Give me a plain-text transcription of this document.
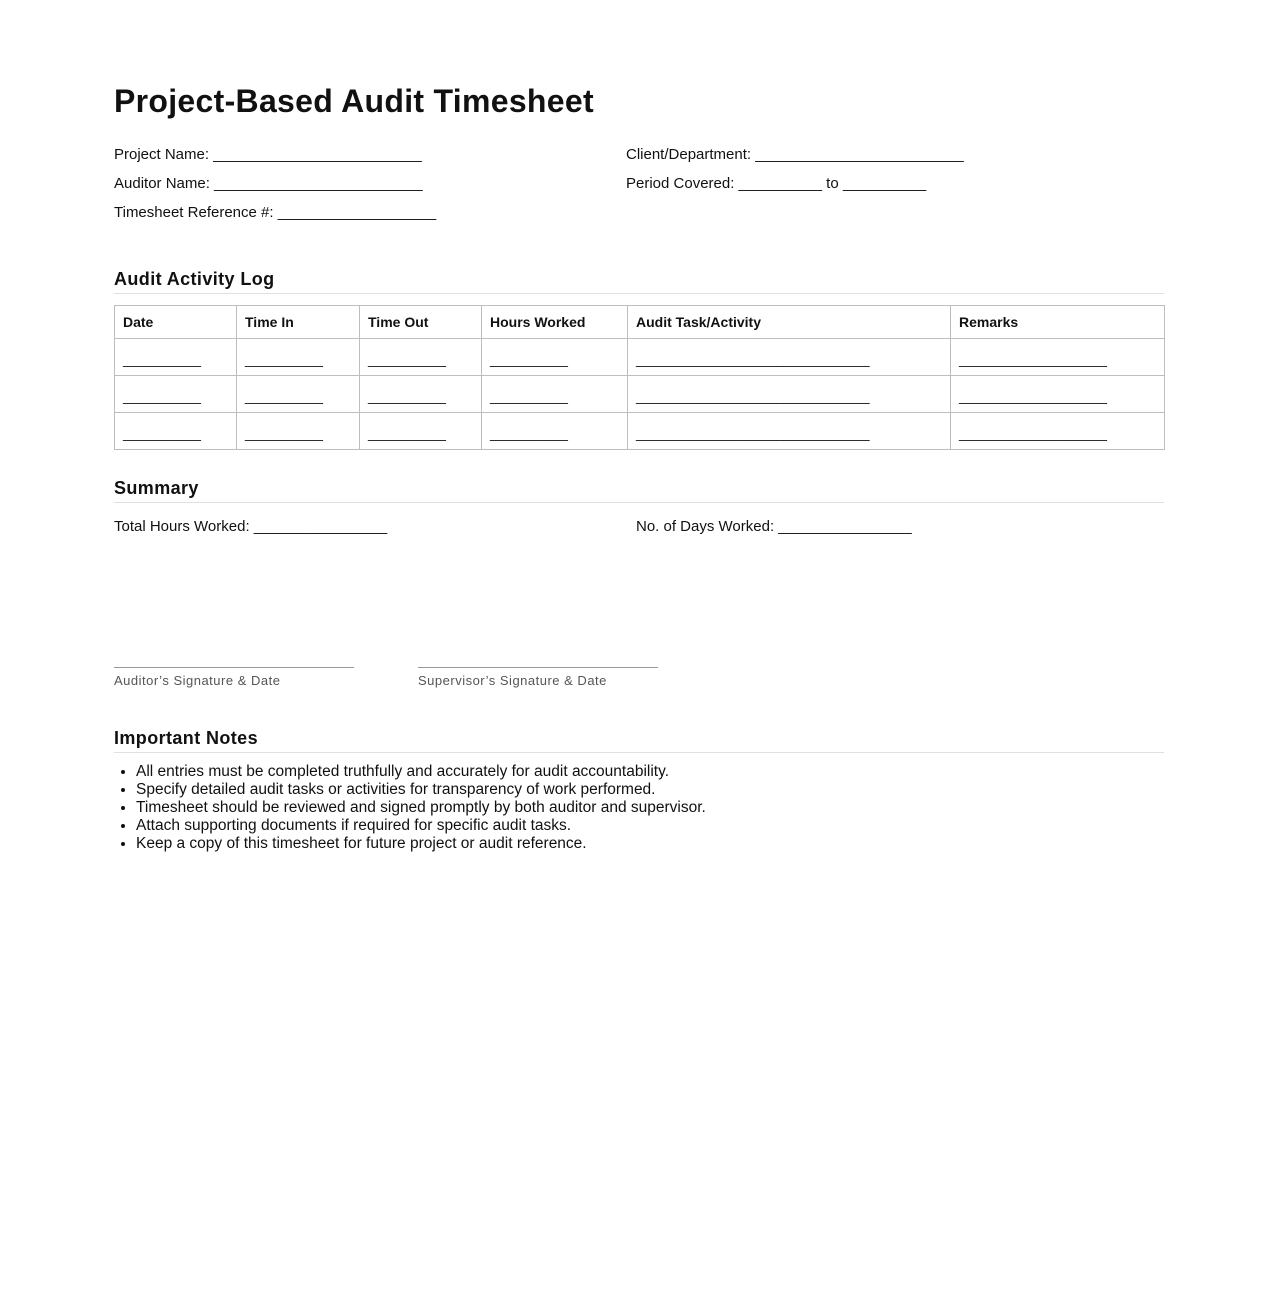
Project-Based Audit Timesheet
Project Name: _________________________	Client/Department: _________________________
Auditor Name: _________________________	Period Covered: __________ to __________
Timesheet Reference #: ___________________
Audit Activity Log
Date	Time In	Time Out	Hours Worked	Audit Task/Activity	Remarks
__________	__________	__________	__________	______________________________	___________________
__________	__________	__________	__________	______________________________	___________________
__________	__________	__________	__________	______________________________	___________________
Summary
Total Hours Worked: ________________	No. of Days Worked: ________________
Auditor’s Signature & Date	Supervisor’s Signature & Date
Important Notes
• All entries must be completed truthfully and accurately for audit accountability.
• Specify detailed audit tasks or activities for transparency of work performed.
• Timesheet should be reviewed and signed promptly by both auditor and supervisor.
• Attach supporting documents if required for specific audit tasks.
• Keep a copy of this timesheet for future project or audit reference.
